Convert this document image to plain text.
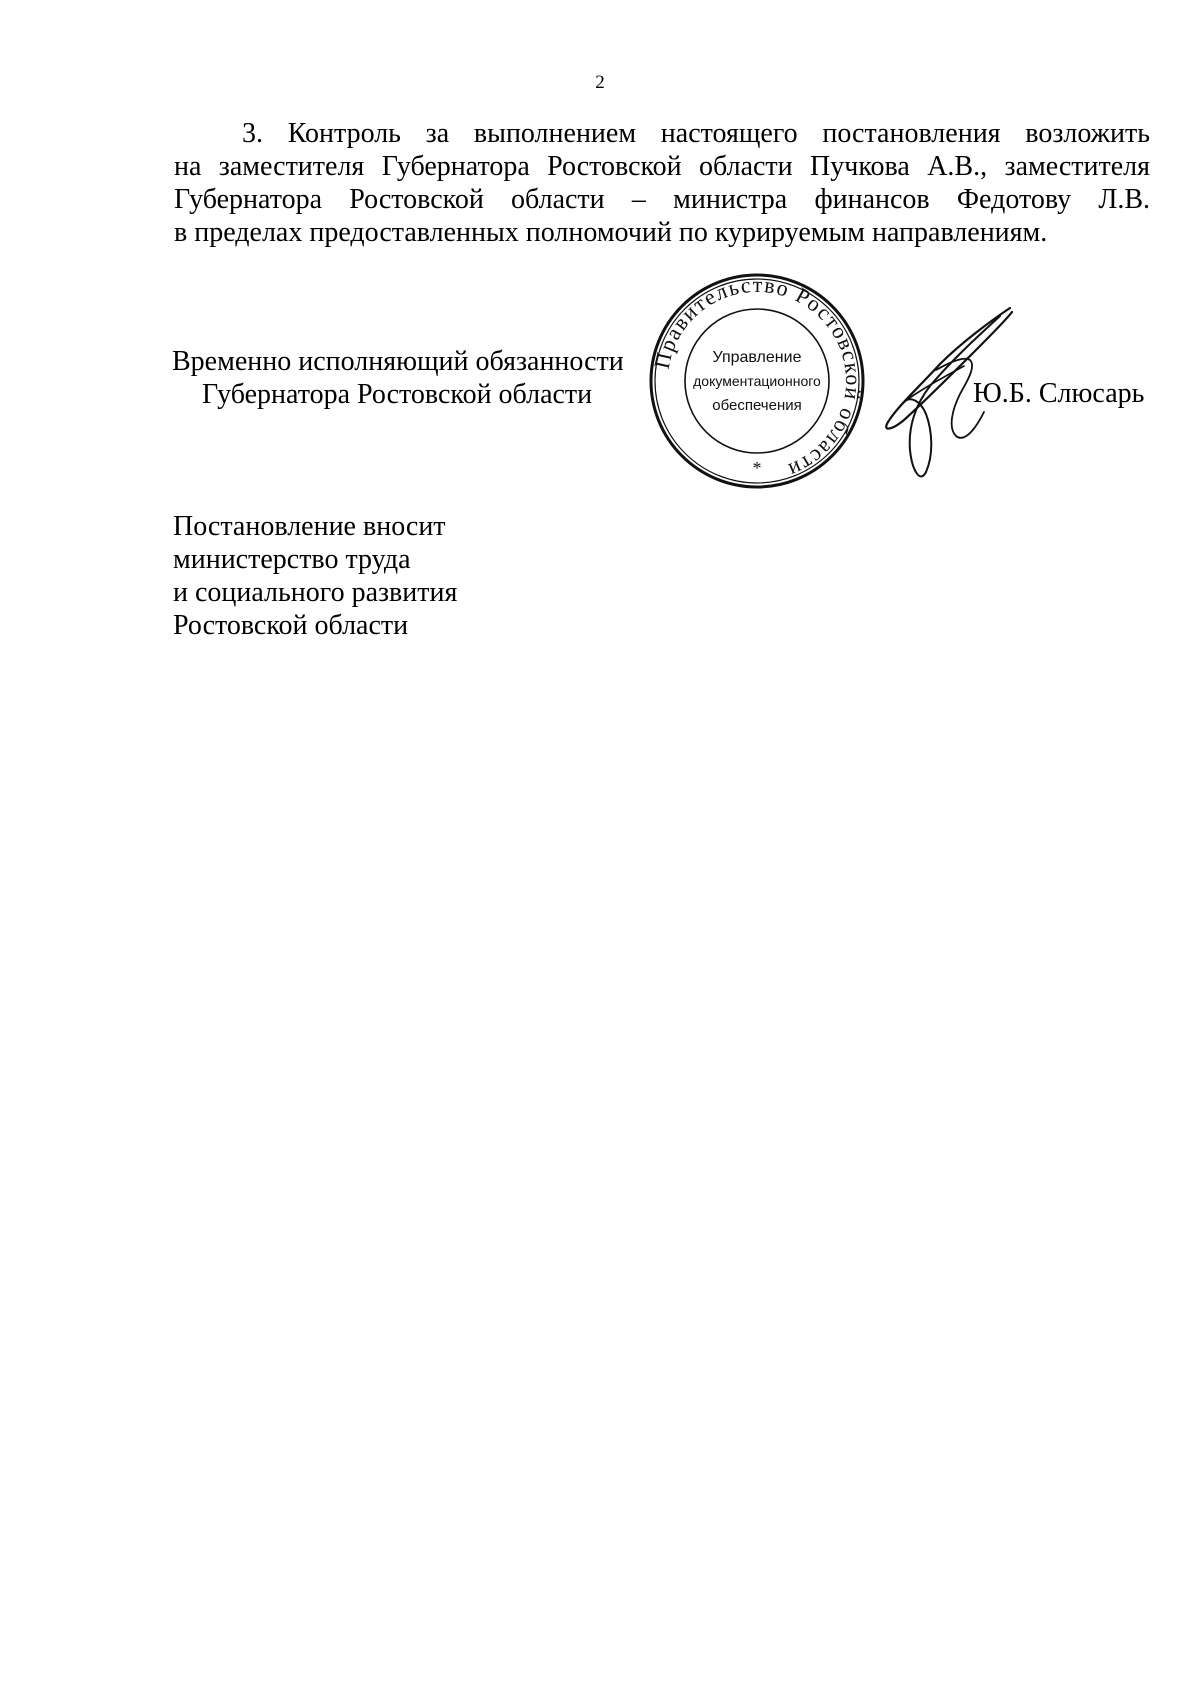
2
3. Контроль за выполнением настоящего постановления возложить
на заместителя Губернатора Ростовской области Пучкова А.В., заместителя
Губернатора Ростовской области – министра финансов Федотову Л.В.
в пределах предоставленных полномочий по курируемым направлениям.
Временно исполняющий обязанности
Губернатора Ростовской области
Правительство Ростовской области
Управление
документационного
обеспечения
*
Ю.Б. Слюсарь
Постановление вносит
министерство труда
и социального развития
Ростовской области
